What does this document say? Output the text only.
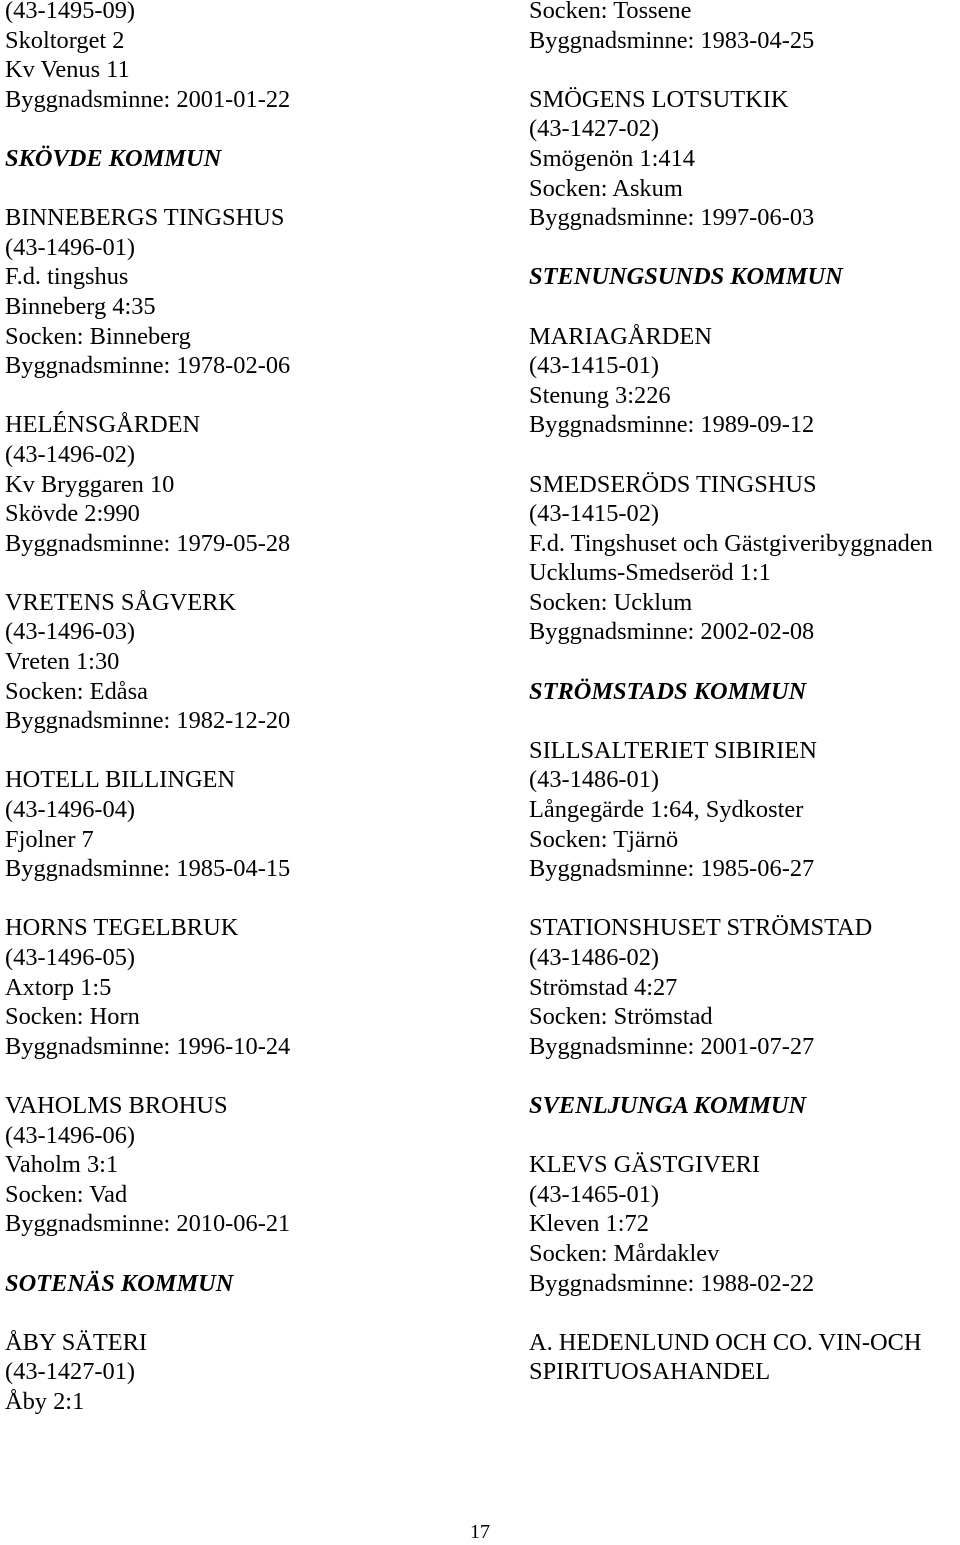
(43-1495-09)
Skoltorget 2
Kv Venus 11
Byggnadsminne: 2001-01-22
SKÖVDE KOMMUN
BINNEBERGS TINGSHUS
(43-1496-01)
F.d. tingshus
Binneberg 4:35
Socken: Binneberg
Byggnadsminne: 1978-02-06
HELÉNSGÅRDEN
(43-1496-02)
Kv Bryggaren 10
Skövde 2:990
Byggnadsminne: 1979-05-28
VRETENS SÅGVERK
(43-1496-03)
Vreten 1:30
Socken: Edåsa
Byggnadsminne: 1982-12-20
HOTELL BILLINGEN
(43-1496-04)
Fjolner 7
Byggnadsminne: 1985-04-15
HORNS TEGELBRUK
(43-1496-05)
Axtorp 1:5
Socken: Horn
Byggnadsminne: 1996-10-24
VAHOLMS BROHUS
(43-1496-06)
Vaholm 3:1
Socken: Vad
Byggnadsminne: 2010-06-21
SOTENÄS KOMMUN
ÅBY SÄTERI
(43-1427-01)
Åby 2:1
Socken: Tossene
Byggnadsminne: 1983-04-25
SMÖGENS LOTSUTKIK
(43-1427-02)
Smögenön 1:414
Socken: Askum
Byggnadsminne: 1997-06-03
STENUNGSUNDS KOMMUN
MARIAGÅRDEN
(43-1415-01)
Stenung 3:226
Byggnadsminne: 1989-09-12
SMEDSERÖDS TINGSHUS
(43-1415-02)
F.d. Tingshuset och Gästgiveribyggnaden
Ucklums-Smedseröd 1:1
Socken: Ucklum
Byggnadsminne: 2002-02-08
STRÖMSTADS KOMMUN
SILLSALTERIET SIBIRIEN
(43-1486-01)
Långegärde 1:64, Sydkoster
Socken: Tjärnö
Byggnadsminne: 1985-06-27
STATIONSHUSET STRÖMSTAD
(43-1486-02)
Strömstad 4:27
Socken: Strömstad
Byggnadsminne: 2001-07-27
SVENLJUNGA KOMMUN
KLEVS GÄSTGIVERI
(43-1465-01)
Kleven 1:72
Socken: Mårdaklev
Byggnadsminne: 1988-02-22
A. HEDENLUND OCH CO. VIN-OCH
SPIRITUOSAHANDEL
17
